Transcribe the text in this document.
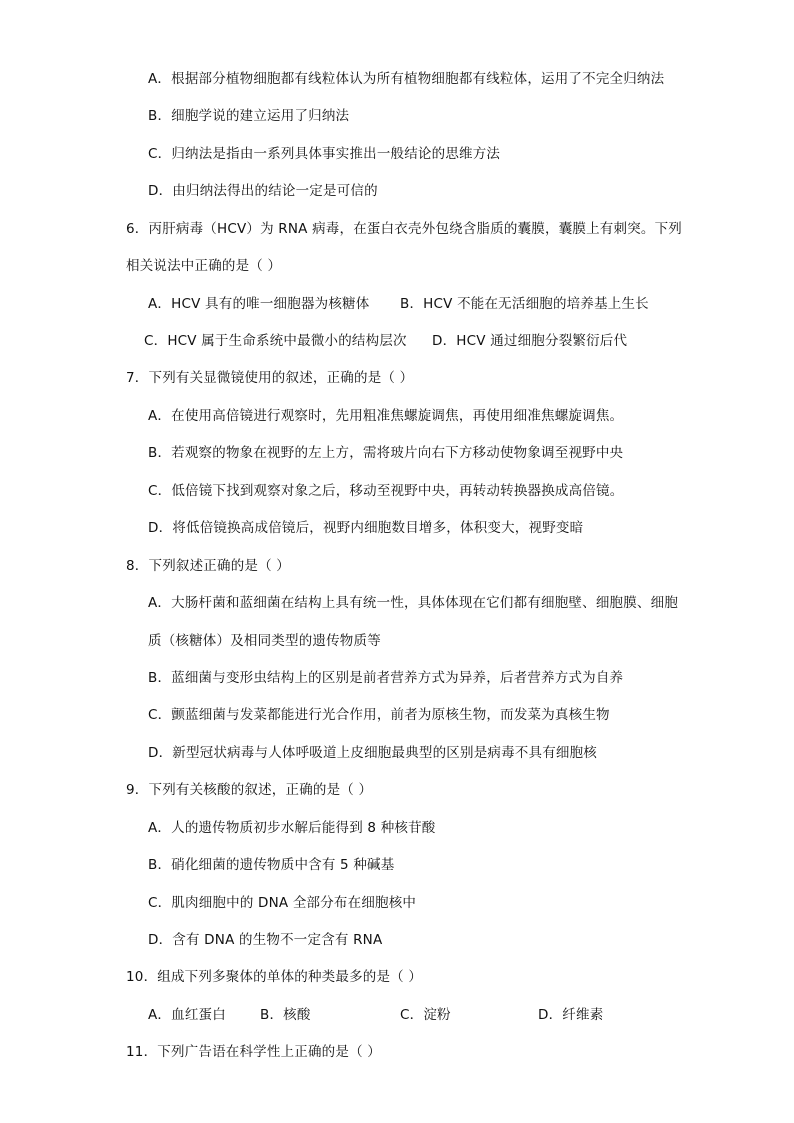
A．根据部分植物细胞都有线粒体认为所有植物细胞都有线粒体，运用了不完全归纳法
B．细胞学说的建立运用了归纳法
C．归纳法是指由一系列具体事实推出一般结论的思维方法
D．由归纳法得出的结论一定是可信的
6．丙肝病毒（HCV）为 RNA 病毒，在蛋白衣壳外包绕含脂质的囊膜，囊膜上有刺突。下列
相关说法中正确的是（ ）
A．HCV 具有的唯一细胞器为核糖体 B．HCV 不能在无活细胞的培养基上生长
C．HCV 属于生命系统中最微小的结构层次 D．HCV 通过细胞分裂繁衍后代
7．下列有关显微镜使用的叙述，正确的是（ ）
A．在使用高倍镜进行观察时，先用粗准焦螺旋调焦，再使用细准焦螺旋调焦。
B．若观察的物象在视野的左上方，需将玻片向右下方移动使物象调至视野中央
C．低倍镜下找到观察对象之后，移动至视野中央，再转动转换器换成高倍镜。
D．将低倍镜换高成倍镜后，视野内细胞数目增多，体积变大，视野变暗
8．下列叙述正确的是（ ）
A．大肠杆菌和蓝细菌在结构上具有统一性，具体体现在它们都有细胞壁、细胞膜、细胞
质（核糖体）及相同类型的遗传物质等
B．蓝细菌与变形虫结构上的区别是前者营养方式为异养，后者营养方式为自养
C．颤蓝细菌与发菜都能进行光合作用，前者为原核生物，而发菜为真核生物
D．新型冠状病毒与人体呼吸道上皮细胞最典型的区别是病毒不具有细胞核
9．下列有关核酸的叙述，正确的是（ ）
A．人的遗传物质初步水解后能得到 8 种核苷酸
B．硝化细菌的遗传物质中含有 5 种碱基
C．肌肉细胞中的 DNA 全部分布在细胞核中
D．含有 DNA 的生物不一定含有 RNA
10．组成下列多聚体的单体的种类最多的是（ ）
A．血红蛋白	B．核酸	C．淀粉	D．纤维素
11．下列广告语在科学性上正确的是（ ）
